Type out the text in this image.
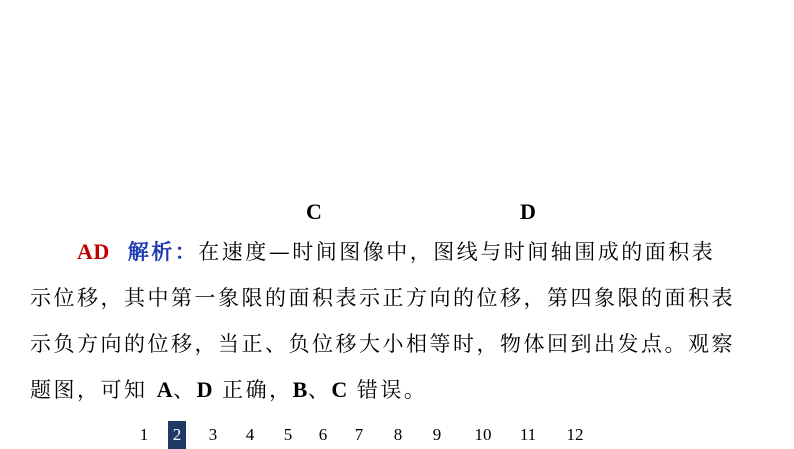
C	D
AD 解析：在速度—时间图像中，图线与时间轴围成的面积表
示位移，其中第一象限的面积表示正方向的位移，第四象限的面积表
示负方向的位移，当正、负位移大小相等时，物体回到出发点。观察
题图，可知 A、D 正确，B、C 错误。
1 2 3 4 5 6 7 8 9 10 11 12
